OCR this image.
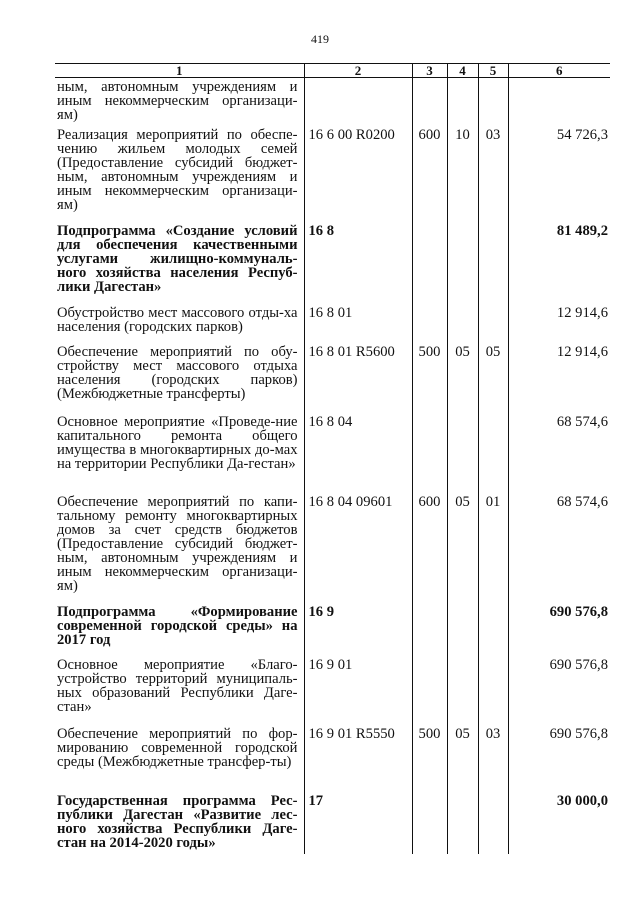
419
1	2	3	4	5	6
ным, автономным учреждениям и иным некоммерческим организаци-ям)					
Реализация мероприятий по обеспе-чению жильем молодых семей (Предоставление субсидий бюджет-ным, автономным учреждениям и иным некоммерческим организаци-ям)	16 6 00 R0200	600	10	03	54 726,3
Подпрограмма «Создание условий для обеспечения качественными услугами жилищно-коммуналь-ного хозяйства населения Респуб-лики Дагестан»	16 8				81 489,2
Обустройство мест массового отды-ха населения (городских парков)	16 8 01				12 914,6
Обеспечение мероприятий по обу-стройству мест массового отдыха населения (городских парков) (Межбюджетные трансферты)	16 8 01 R5600	500	05	05	12 914,6
Основное мероприятие «Проведе-ние капитального ремонта общего имущества в многоквартирных до-мах на территории Республики Да-гестан»	16 8 04				68 574,6
Обеспечение мероприятий по капи-тальному ремонту многоквартирных домов за счет средств бюджетов (Предоставление субсидий бюджет-ным, автономным учреждениям и иным некоммерческим организаци-ям)	16 8 04 09601	600	05	01	68 574,6
Подпрограмма «Формирование современной городской среды» на 2017 год	16 9				690 576,8
Основное мероприятие «Благо-устройство территорий муниципаль-ных образований Республики Даге-стан»	16 9 01				690 576,8
Обеспечение мероприятий по фор-мированию современной городской среды (Межбюджетные трансфер-ты)	16 9 01 R5550	500	05	03	690 576,8
Государственная программа Рес-публики Дагестан «Развитие лес-ного хозяйства Республики Даге-стан на 2014-2020 годы»	17				30 000,0
